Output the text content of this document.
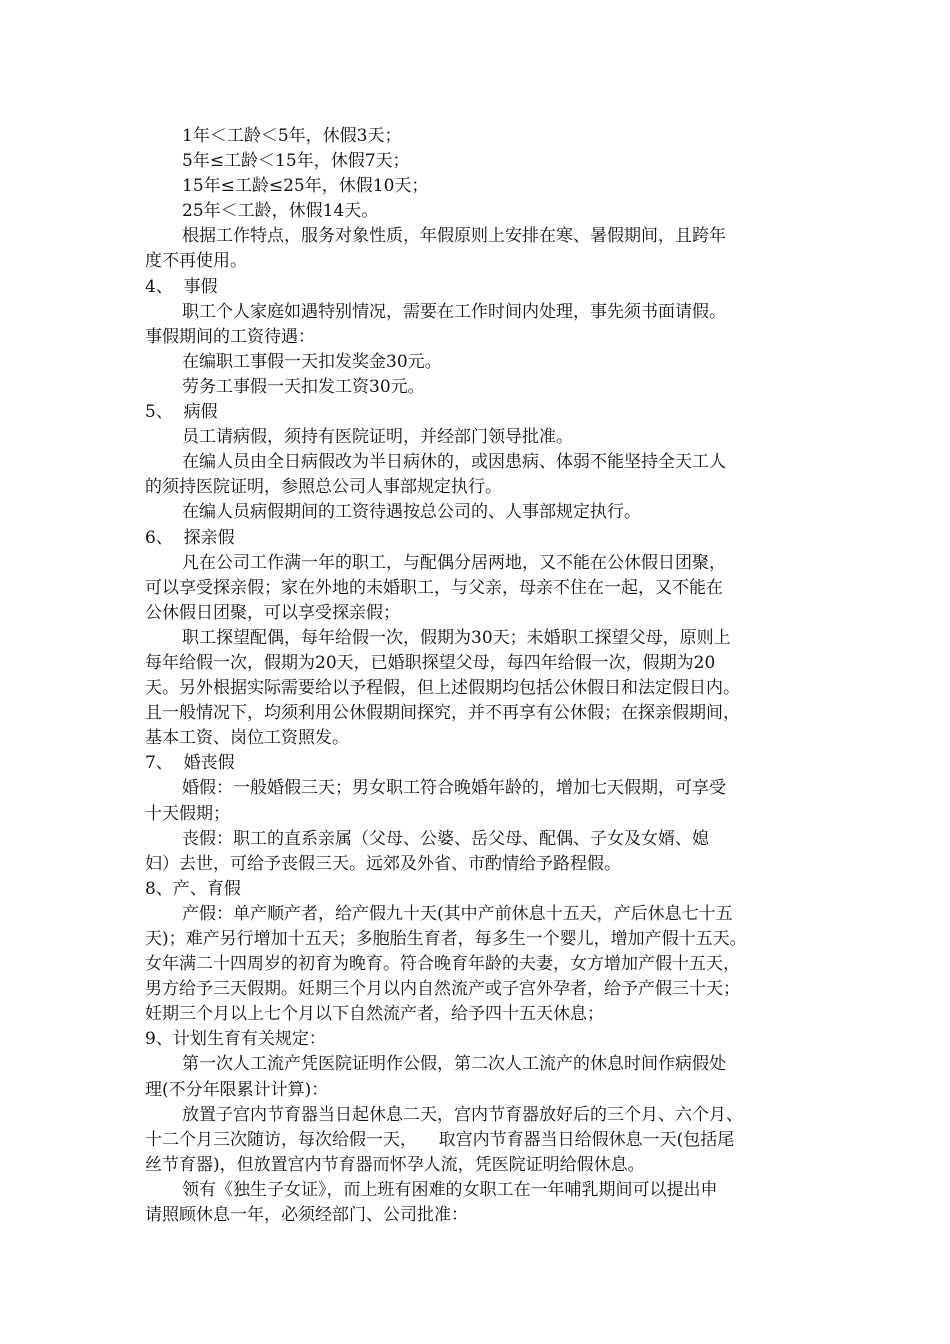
1年＜工龄＜5年，休假3天；
5年≤工龄＜15年，休假7天；
15年≤工龄≤25年，休假10天；
25年＜工龄，休假14天。
根据工作特点，服务对象性质，年假原则上安排在寒、暑假期间，且跨年
度不再使用。
4、  事假
职工个人家庭如遇特别情况，需要在工作时间内处理，事先须书面请假。
事假期间的工资待遇：
在编职工事假一天扣发奖金30元。
劳务工事假一天扣发工资30元。
5、  病假
员工请病假，须持有医院证明，并经部门领导批准。
在编人员由全日病假改为半日病休的，或因患病、体弱不能坚持全天工人
的须持医院证明，参照总公司人事部规定执行。
在编人员病假期间的工资待遇按总公司的、人事部规定执行。
6、  探亲假
凡在公司工作满一年的职工，与配偶分居两地，又不能在公休假日团聚，
可以享受探亲假；家在外地的未婚职工，与父亲，母亲不住在一起，又不能在
公休假日团聚，可以享受探亲假；
职工探望配偶，每年给假一次，假期为30天；未婚职工探望父母，原则上
每年给假一次，假期为20天，已婚职探望父母，每四年给假一次，假期为20
天。另外根据实际需要给以予程假，但上述假期均包括公休假日和法定假日内。
且一般情况下，均须利用公休假期间探究，并不再享有公休假；在探亲假期间，
基本工资、岗位工资照发。
7、  婚丧假
婚假：一般婚假三天；男女职工符合晚婚年龄的，增加七天假期，可享受
十天假期；
丧假：职工的直系亲属（父母、公婆、岳父母、配偶、子女及女婿、媳
妇）去世，可给予丧假三天。远郊及外省、市酌情给予路程假。
8、产、育假
产假：单产顺产者，给产假九十天(其中产前休息十五天，产后休息七十五
天)；难产另行增加十五天；多胞胎生育者，每多生一个婴儿，增加产假十五天。
女年满二十四周岁的初育为晚育。符合晚育年龄的夫妻，女方增加产假十五天，
男方给予三天假期。妊期三个月以内自然流产或子宫外孕者，给予产假三十天；
妊期三个月以上七个月以下自然流产者，给予四十五天休息；
9、计划生育有关规定：
第一次人工流产凭医院证明作公假，第二次人工流产的休息时间作病假处
理(不分年限累计计算)：
放置子宫内节育器当日起休息二天，宫内节育器放好后的三个月、六个月、
十二个月三次随访，每次给假一天，    取宫内节育器当日给假休息一天(包括尾
丝节育器)，但放置宫内节育器而怀孕人流，凭医院证明给假休息。
领有《独生子女证》，而上班有困难的女职工在一年哺乳期间可以提出申
请照顾休息一年，必须经部门、公司批准：
